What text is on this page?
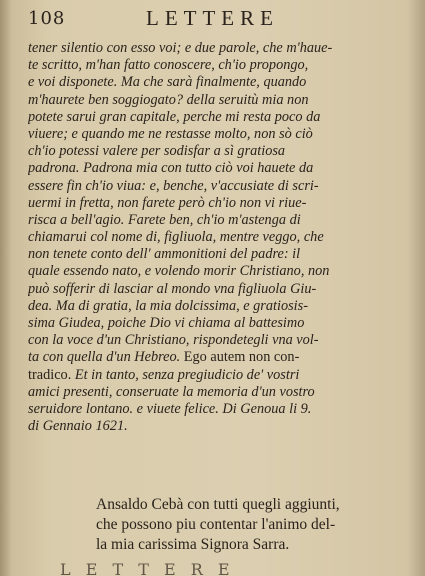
108	LETTERE
tener silentio con esso voi; e due parole, che m'haue-
te scritto, m'han fatto conoscere, ch'io propongo,
e voi disponete. Ma che sarà finalmente, quando
m'haurete ben soggiogato? della seruitù mia non
potete sarui gran capitale, perche mi resta poco da
viuere; e quando me ne restasse molto, non sò ciò
ch'io potessi valere per sodisfar a sì gratiosa
padrona. Padrona mia con tutto ciò voi hauete da
essere fin ch'io viua: e, benche, v'accusiate di scri-
uermi in fretta, non farete però ch'io non vi riue-
risca a bell'agio. Farete ben, ch'io m'astenga di
chiamarui col nome di, figliuola, mentre veggo, che
non tenete conto dell' ammonitioni del padre: il
quale essendo nato, e volendo morir Christiano, non
può sofferir di lasciar al mondo vna figliuola Giu-
dea. Ma di gratia, la mia dolcissima, e gratiosis-
sima Giudea, poiche Dio vi chiama al battesimo
con la voce d'un Christiano, rispondetegli vna vol-
ta con quella d'un Hebreo. Ego autem non con-
tradico. Et in tanto, senza pregiudicio de' vostri
amici presenti, conseruate la memoria d'un vostro
seruidore lontano. e viuete felice. Di Genoua li 9.
di Gennaio 1621.
Ansaldo Cebà con tutti quegli aggiunti,
che possono piu contentar l'animo del-
la mia carissima Signora Sarra.
L E T T E R E
